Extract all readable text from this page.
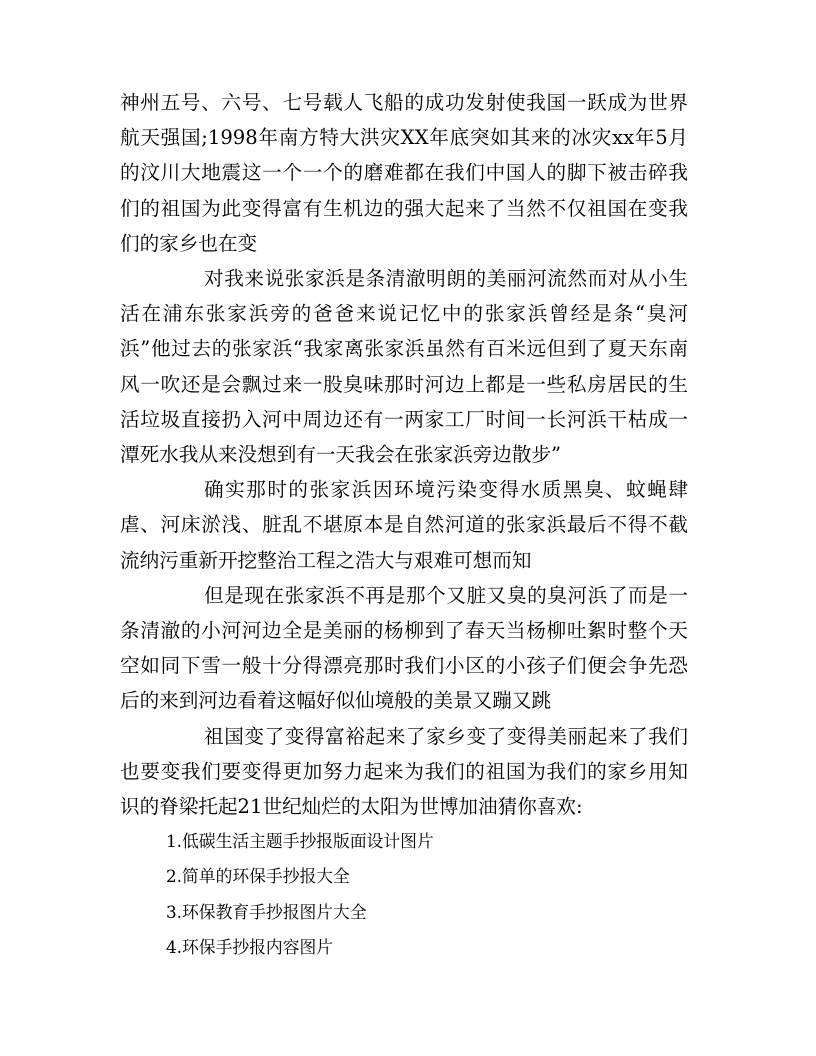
神州五号、六号、七号载人飞船的成功发射使我国一跃成为世界航天强国;1998年南方特大洪灾XX年底突如其来的冰灾xx年5月的汶川大地震这一个一个的磨难都在我们中国人的脚下被击碎我们的祖国为此变得富有生机边的强大起来了当然不仅祖国在变我们的家乡也在变

对我来说张家浜是条清澈明朗的美丽河流然而对从小生活在浦东张家浜旁的爸爸来说记忆中的张家浜曾经是条“臭河浜”他过去的张家浜“我家离张家浜虽然有百米远但到了夏天东南风一吹还是会飘过来一股臭味那时河边上都是一些私房居民的生活垃圾直接扔入河中周边还有一两家工厂时间一长河浜干枯成一潭死水我从来没想到有一天我会在张家浜旁边散步”

确实那时的张家浜因环境污染变得水质黑臭、蚊蝇肆虐、河床淤浅、脏乱不堪原本是自然河道的张家浜最后不得不截流纳污重新开挖整治工程之浩大与艰难可想而知

但是现在张家浜不再是那个又脏又臭的臭河浜了而是一条清澈的小河河边全是美丽的杨柳到了春天当杨柳吐絮时整个天空如同下雪一般十分得漂亮那时我们小区的小孩子们便会争先恐后的来到河边看着这幅好似仙境般的美景又蹦又跳

祖国变了变得富裕起来了家乡变了变得美丽起来了我们也要变我们要变得更加努力起来为我们的祖国为我们的家乡用知识的脊梁托起21世纪灿烂的太阳为世博加油猜你喜欢:

1.低碳生活主题手抄报版面设计图片
2.简单的环保手抄报大全
3.环保教育手抄报图片大全
4.环保手抄报内容图片
